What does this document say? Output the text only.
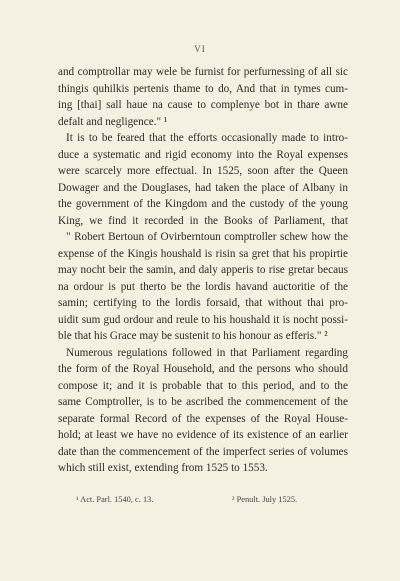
VI
and comptrollar may wele be furnist for perfurnessing of all sic
thingis quhilkis pertenis thame to do, And that in tymes cum-
ing [thai] sall haue na cause to complenye bot in thare awne
defalt and negligence." ¹
It is to be feared that the efforts occasionally made to intro-
duce a systematic and rigid economy into the Royal expenses
were scarcely more effectual. In 1525, soon after the Queen
Dowager and the Douglases, had taken the place of Albany in
the government of the Kingdom and the custody of the young
King, we find it recorded in the Books of Parliament, that
" Robert Bertoun of Ovirberntoun comptroller schew how the
expense of the Kingis houshald is risin sa gret that his propirtie
may nocht beir the samin, and daly apperis to rise gretar becaus
na ordour is put therto be the lordis havand auctoritie of the
samin; certifying to the lordis forsaid, that without thai pro-
uidit sum gud ordour and reule to his houshald it is nocht possi-
ble that his Grace may be sustenit to his honour as efferis." ²
Numerous regulations followed in that Parliament regarding
the form of the Royal Household, and the persons who should
compose it; and it is probable that to this period, and to the
same Comptroller, is to be ascribed the commencement of the
separate formal Record of the expenses of the Royal House-
hold; at least we have no evidence of its existence of an earlier
date than the commencement of the imperfect series of volumes
which still exist, extending from 1525 to 1553.
¹ Act. Parl. 1540, c. 13.	² Penult. July 1525.
